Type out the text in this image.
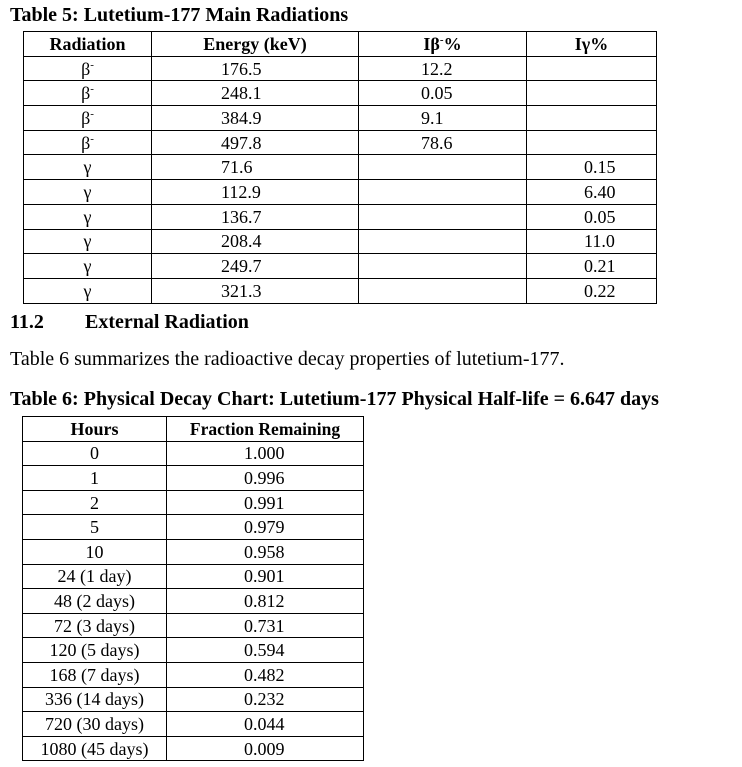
Table 5: Lutetium-177 Main Radiations
Radiation	Energy (keV)	Iβ-%	Iγ%
β-	176.5	12.2	
β-	248.1	0.05	
β-	384.9	9.1	
β-	497.8	78.6	
γ	71.6		0.15
γ	112.9		6.40
γ	136.7		0.05
γ	208.4		11.0
γ	249.7		0.21
γ	321.3		0.22
11.2 External Radiation
Table 6 summarizes the radioactive decay properties of lutetium-177.
Table 6: Physical Decay Chart: Lutetium-177 Physical Half-life = 6.647 days
Hours	Fraction Remaining
0	1.000
1	0.996
2	0.991
5	0.979
10	0.958
24 (1 day)	0.901
48 (2 days)	0.812
72 (3 days)	0.731
120 (5 days)	0.594
168 (7 days)	0.482
336 (14 days)	0.232
720 (30 days)	0.044
1080 (45 days)	0.009
